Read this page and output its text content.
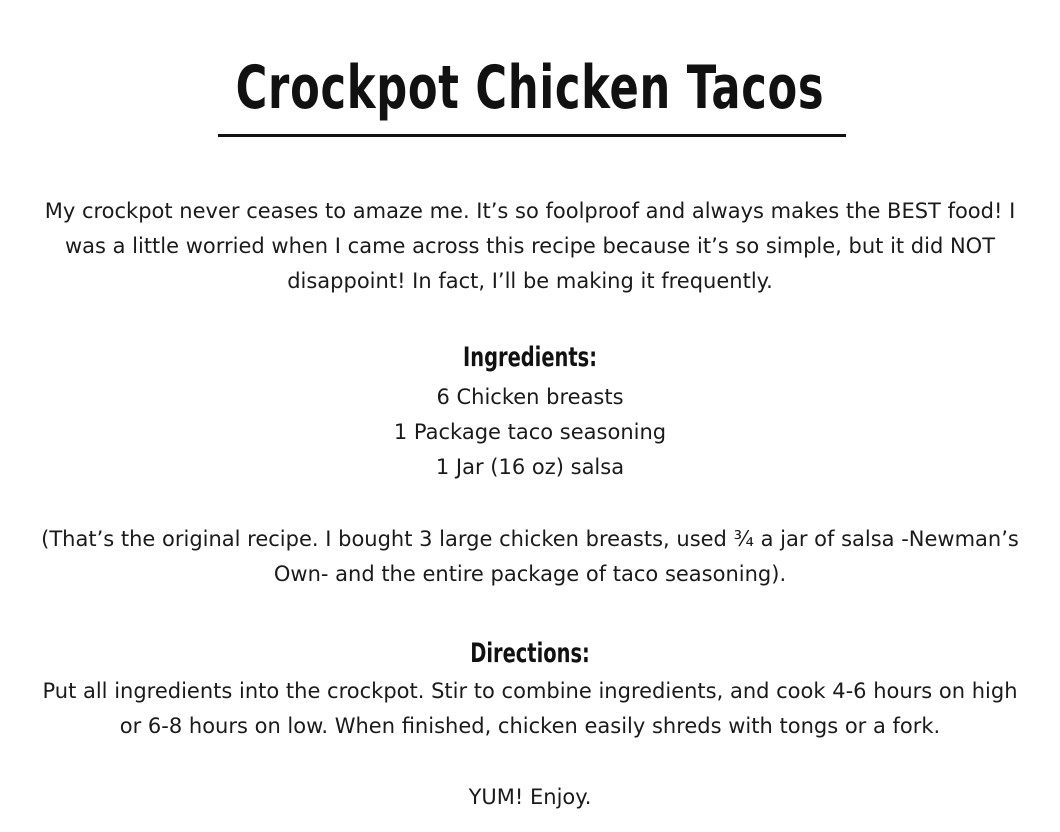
Crockpot Chicken Tacos

My crockpot never ceases to amaze me. It’s so foolproof and always makes the BEST food! I was a little worried when I came across this recipe because it’s so simple, but it did NOT disappoint! In fact, I’ll be making it frequently.

Ingredients:
6 Chicken breasts
1 Package taco seasoning
1 Jar (16 oz) salsa

(That’s the original recipe. I bought 3 large chicken breasts, used ¾ a jar of salsa -Newman’s Own- and the entire package of taco seasoning).

Directions:

Put all ingredients into the crockpot. Stir to combine ingredients, and cook 4-6 hours on high or 6-8 hours on low. When finished, chicken easily shreds with tongs or a fork.

YUM! Enjoy.
